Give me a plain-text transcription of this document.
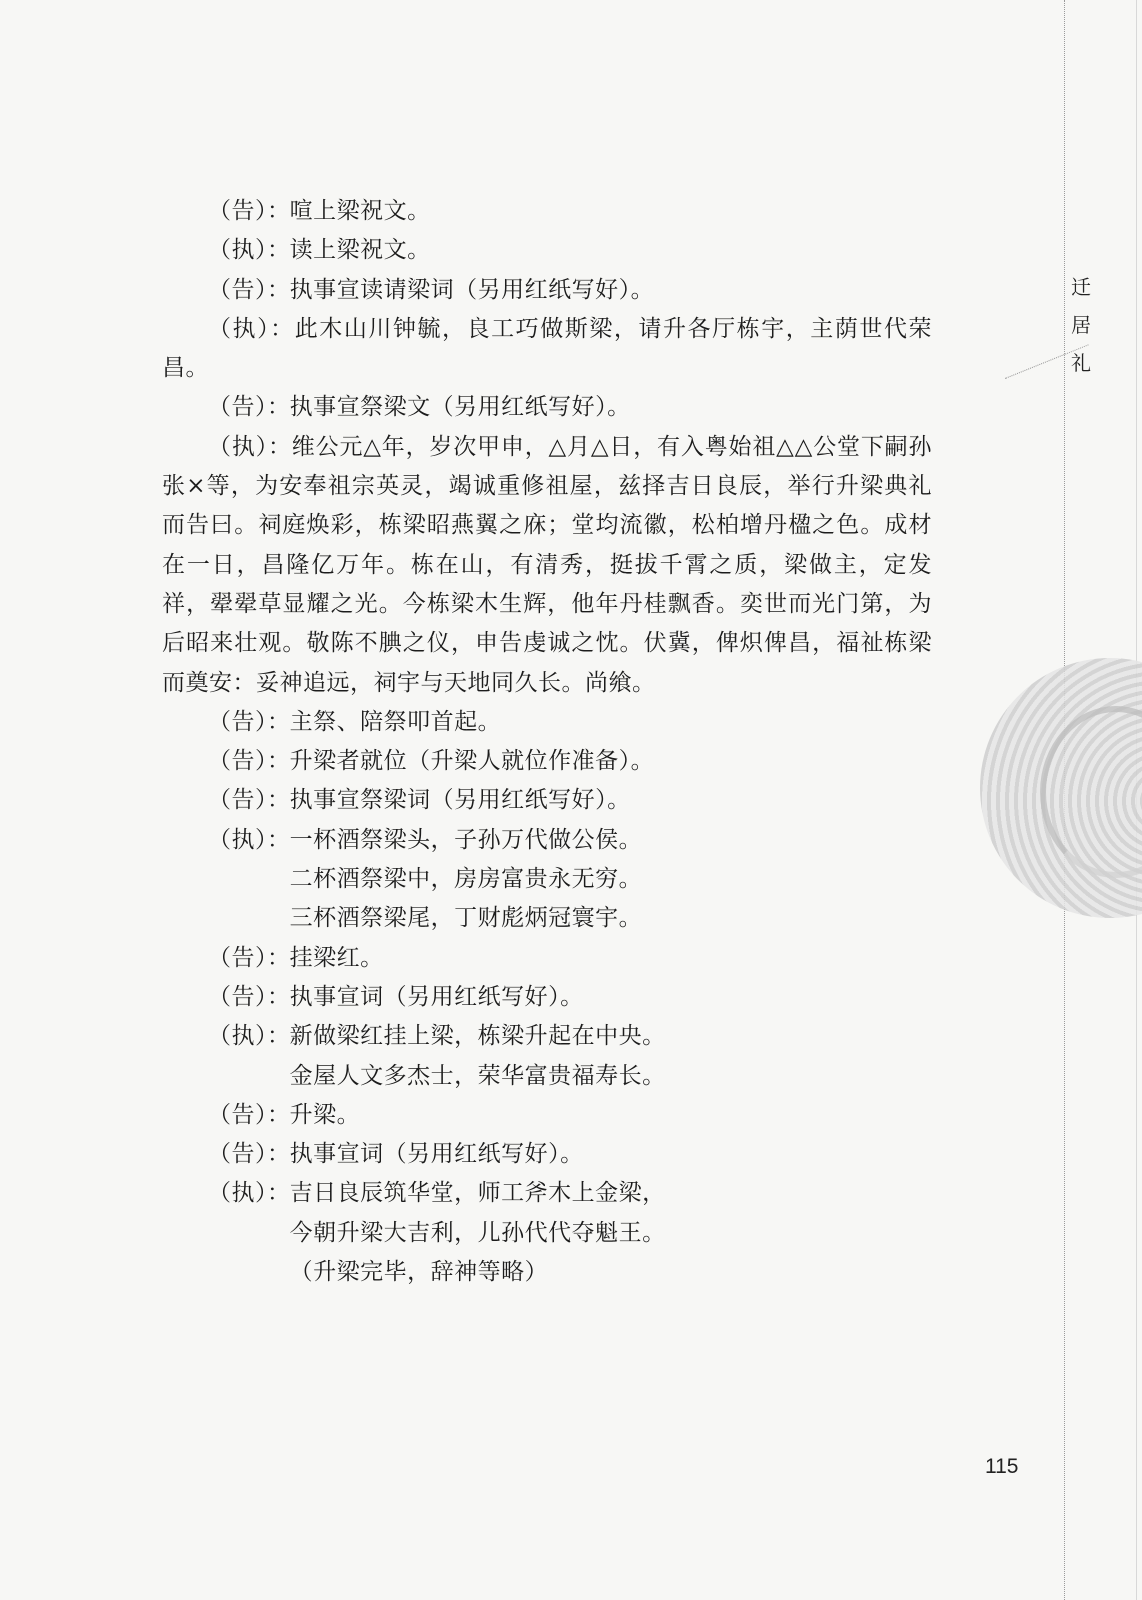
迁
居
礼

（告）：喧上梁祝文。

（执）：读上梁祝文。

（告）：执事宣读请梁词（另用红纸写好）。

（执）：此木山川钟毓，良工巧做斯梁，请升各厅栋宇，主荫世代荣昌。

（告）：执事宣祭梁文（另用红纸写好）。

（执）：维公元△年，岁次甲申，△月△日，有入粤始祖△△公堂下嗣孙张×等，为安奉祖宗英灵，竭诚重修祖屋，兹择吉日良辰，举行升梁典礼而告曰。祠庭焕彩，栋梁昭燕翼之庥；堂均流徽，松柏增丹楹之色。成材在一日，昌隆亿万年。栋在山，有清秀，挺拔千霄之质，梁做主，定发祥，翚翚草显耀之光。今栋梁木生辉，他年丹桂飘香。奕世而光门第，为后昭来壮观。敬陈不腆之仪，申告虔诚之忱。伏冀，俾炽俾昌，福祉栋梁而奠安：妥神追远，祠宇与天地同久长。尚飨。

（告）：主祭、陪祭叩首起。

（告）：升梁者就位（升梁人就位作准备）。

（告）：执事宣祭梁词（另用红纸写好）。

（执）：一杯酒祭梁头，子孙万代做公侯。

二杯酒祭梁中，房房富贵永无穷。

三杯酒祭梁尾，丁财彪炳冠寰宇。

（告）：挂梁红。

（告）：执事宣词（另用红纸写好）。

（执）：新做梁红挂上梁，栋梁升起在中央。

金屋人文多杰士，荣华富贵福寿长。

（告）：升梁。

（告）：执事宣词（另用红纸写好）。

（执）：吉日良辰筑华堂，师工斧木上金梁，

今朝升梁大吉利，儿孙代代夺魁王。

（升梁完毕，辞神等略）

115
